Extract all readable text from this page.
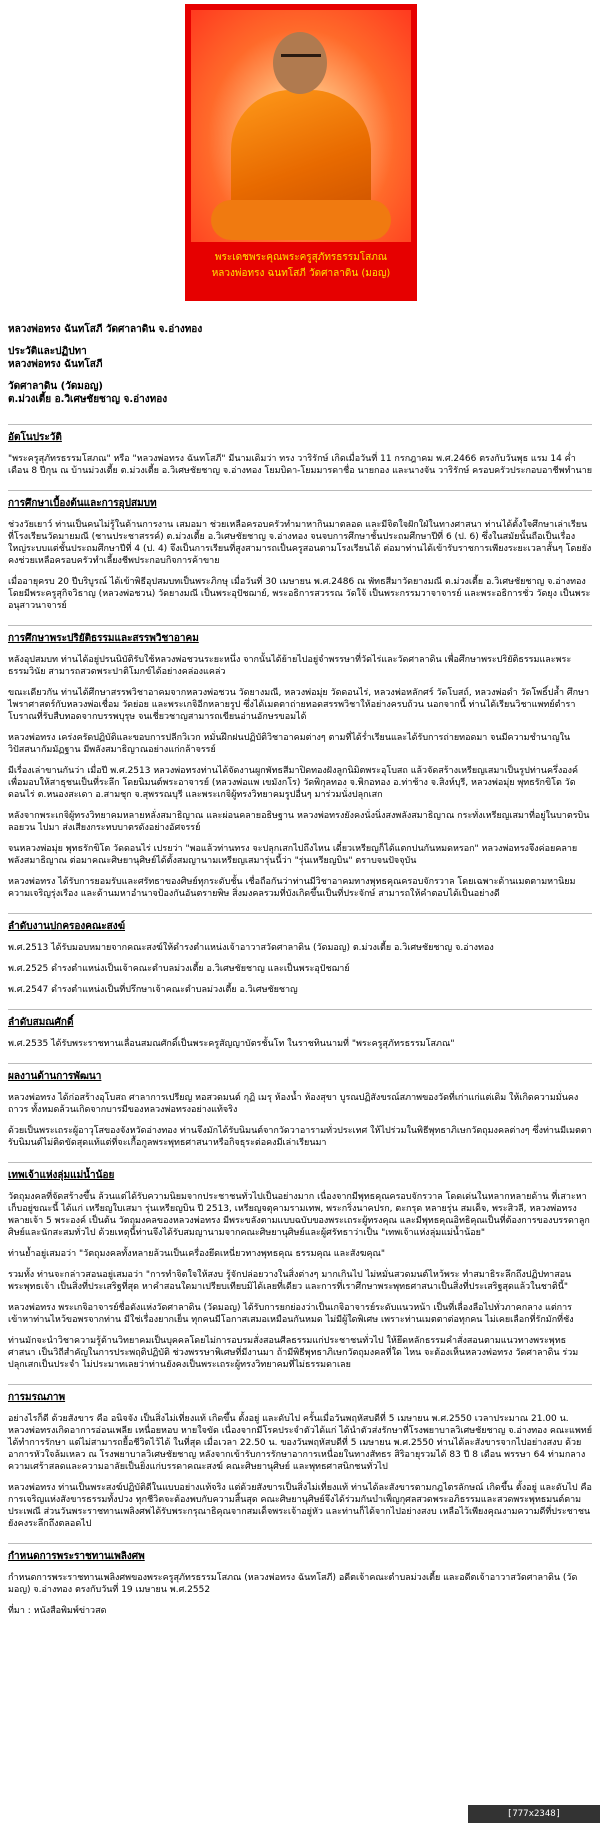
พระเดชพระคุณพระครูสุภัทรธรรมโสภณ
หลวงพ่อทรง ฉนทโสภี วัดศาลาดิน (มอญ)

หลวงพ่อทรง ฉันทโสภี วัดศาลาดิน จ.อ่างทอง

ประวัติและปฏิปทา

หลวงพ่อทรง ฉันทโสภี

วัดศาลาดิน (วัดมอญ)

ต.ม่วงเตี้ย อ.วิเศษชัยชาญ จ.อ่างทอง

อัตโนประวัติ

"พระครูสุภัทรธรรมโสภณ" หรือ "หลวงพ่อทรง ฉันทโสภี" มีนามเดิมว่า ทรง วาริรักษ์ เกิดเมื่อวันที่ 11 กรกฎาคม พ.ศ.2466 ตรงกับวันพุธ แรม 14 ค่ำ เดือน 8 ปีกุน ณ บ้านม่วงเตี้ย ต.ม่วงเตี้ย อ.วิเศษชัยชาญ จ.อ่างทอง โยมบิดา-โยมมารดาชื่อ นายกอง และนางจัน วาริรักษ์ ครอบครัวประกอบอาชีพทำนาย

การศึกษาเบื้องต้นและการอุปสมบท

ช่วงวัยเยาว์ ท่านเป็นคนไม่รู้ในด้านการงาน เสมอมา ช่วยเหลือครอบครัวทำมาหากินมาตลอด และมีจิตใจฝักใฝ่ในทางศาสนา ท่านได้ตั้งใจศึกษาเล่าเรียนที่โรงเรียนวัดมายมณี (ชานประชาสรรค์) ต.ม่วงเตี้ย อ.วิเศษชัยชาญ จ.อ่างทอง จนจบการศึกษาชั้นประถมศึกษาปีที่ 6 (ป. 6) ซึ่งในสมัยนั้นถือเป็นเรื่องใหญ่ระบบแต่ชั้นประถมศึกษาปีที่ 4 (ป. 4) จึงเป็นการเรียนที่สูงสามารถเป็นครูสอนตามโรงเรียนได้ ต่อมาท่านได้เข้ารับราชการเพียงระยะเวลาสั้นๆ โดยยังคงช่วยเหลือครอบครัวทำเลี้ยงชีพประกอบกิจการค้าขาย

เมื่ออายุครบ 20 ปีบริบูรณ์ ได้เข้าพิธีอุปสมบทเป็นพระภิกษุ เมื่อวันที่ 30 เมษายน พ.ศ.2486 ณ พัทธสีมาวัดยางมณี ต.ม่วงเตี้ย อ.วิเศษชัยชาญ จ.อ่างทอง โดยมีพระครูสุกิจวิธาญ (หลวงพ่อชวน) วัดยางมณี เป็นพระอุปัชฌาย์, พระอธิการสวรรณ วัดใจ้ เป็นพระกรรมวาจาจารย์ และพระอธิการชั่ว วัดยุง เป็นพระอนุสาวนาจารย์

การศึกษาพระปริยัติธรรมและสรรพวิชาอาคม

หลังอุปสมบท ท่านได้อยู่ปรนนิบัติรับใช้หลวงพ่อชวนระยะหนึ่ง จากนั้นได้ย้ายไปอยู่จำพรรษาที่วัดไร่และวัดศาลาดิน เพื่อศึกษาพระปริยัติธรรมและพระธรรมวินัย สามารถสวดพระปาติโมกข์ได้อย่างคล่องแคล่ว

ขณะเดียวกัน ท่านได้ศึกษาสรรพวิชาอาคมจากหลวงพ่อชวน วัดยางมณี, หลวงพ่อมุ่ย วัดดอนไร่, หลวงพ่อหลักศร์ วัดโบสถ์, หลวงพ่อดำ วัดโพธิ์ปล้ำ ศึกษาไพราศาสตร์กับหลวงพ่อเชื่อม วัดย่อย และพระเกจิอีกหลายรูป ซึ่งได้เมตตาถ่ายทอดสรรพวิชาให้อย่างครบถ้วน นอกจากนี้ ท่านได้เรียนวิชาแพทย์ตำราโบราณที่รับสืบทอดจากบรรพบุรุษ จนเชี่ยวชาญสามารถเขียนอ่านอักษรขอมได้

หลวงพ่อทรง เคร่งครัดปฏิบัติและขอบการปลีกวิเวก หมั่นฝึกฝนปฏิบัติวิชาอาคมต่างๆ ตามที่ได้ร่ำเรียนและได้รับการถ่ายทอดมา จนมีความชำนาญในวิปัสสนากัมมัฏฐาน มีพลังสมาธิญาณอย่างแก่กล้าจรรย์

มีเรื่องเล่าขานกันว่า เมื่อปี พ.ศ.2513 หลวงพ่อทรงท่านได้จัดงานผูกพัทธสีมาปิดทองฝังลูกนิมิตพระอุโบสถ แล้วจัดสร้างเหรียญเสมาเป็นรูปท่านครึ่งองค์ เพื่อมอบให้สาธุชนเป็นที่ระลึก โดยนิมนต์พระอาจารย์ (หลวงพ่อแพ เขมังกโร) วัดพิกุลทอง จ.พิกอทอง อ.ท่าช้าง จ.สิงห์บุรี, หลวงพ่อมุ่ย พุทธรักขิโต วัดดอนไร่ ต.หนองสะเดา อ.สามชุก จ.สุพรรณบุรี และพระเกจิผู้ทรงวิทยาคมรูปอื่นๆ มาร่วมนั่งปลุกเสก

หลังจากพระเกจิผู้ทรงวิทยาคมหลายหลั่งสมาธิญาณ และผ่อนคลายอธิษฐาน หลวงพ่อทรงยังคงนั่งนิ่งสงพลังสมาธิญาณ กระทั่งเหรียญเสมาที่อยู่ในบาตรบินลอยวน ไปมา ส่งเสียงกระทบบาตรดังอย่างอัศจรรย์

จนหลวงพ่อมุ่ย พุทธรักขิโต วัดดอนไร่ เปรยว่า "พอแล้วท่านทรง จะปลุกเสกไปถึงไหน เดี๋ยวเหรียญก็ได้แตกปนกันหมดหรอก" หลวงพ่อทรงจึงค่อยคลายพลังสมาธิญาณ ต่อมาคณะศิษยานุศิษย์ได้ตั้งสมญานามเหรียญเสมารุ่นนี้ว่า "รุ่นเหรียญบิน" ตราบจนปัจจุบัน

หลวงพ่อทรง ได้รับการยอมรับและศรัทธาของศิษย์ทุกระดับชั้น เชื่อถือกันว่าท่านมีวิชาอาคมทางพุทธคุณครอบจักรวาล โดยเฉพาะด้านเมตตามหานิยม ความเจริญรุ่งเรือง และด้านมหาอำนาจป้องกันอันตรายพิษ สิ่งมงคลรวมที่บังเกิดขึ้นเป็นที่ประจักษ์ สามารถให้คำตอบได้เป็นอย่างดี

ลำดับงานปกครองคณะสงฆ์

พ.ศ.2513 ได้รับมอบหมายจากคณะสงฆ์ให้ดำรงตำแหน่งเจ้าอาวาสวัดศาลาดิน (วัดมอญ) ต.ม่วงเตี้ย อ.วิเศษชัยชาญ จ.อ่างทอง

พ.ศ.2525 ดำรงตำแหน่งเป็นเจ้าคณะตำบลม่วงเตี้ย อ.วิเศษชัยชาญ และเป็นพระอุปัชฌาย์

พ.ศ.2547 ดำรงตำแหน่งเป็นที่ปรึกษาเจ้าคณะตำบลม่วงเตี้ย อ.วิเศษชัยชาญ

ลำดับสมณศักดิ์

พ.ศ.2535 ได้รับพระราชทานเลื่อนสมณศักดิ์เป็นพระครูสัญญาบัตรชั้นโท ในราชทินนามที่ "พระครูสุภัทรธรรมโสภณ"

ผลงานด้านการพัฒนา

หลวงพ่อทรง ได้ก่อสร้างอุโบสถ ศาลาการเปรียญ หอสวดมนต์ กุฏิ เมรุ ห้องน้ำ ห้องสุขา บูรณปฏิสังขรณ์สภาพของวัดที่เก่าแก่แต่เดิม ให้เกิดความมั่นคงถาวร ทั้งหมดล้วนเกิดจากบารมีของหลวงพ่อทรงอย่างแท้จริง

ด้วยเป็นพระเถระผู้อาวุโสของจังหวัดอ่างทอง ท่านจึงมักได้รับนิมนต์จากวัดวาอารามทั่วประเทศ ให้ไปร่วมในพิธีพุทธาภิเษกวัตถุมงคลต่างๆ ซึ่งท่านมีเมตตารับนิมนต์ไม่ติดขัดสุดแท้แต่ที่จะเกื้อกูลพระพุทธศาสนาหรือกิจธุระต่อคงมีเล่าเรียนมา

เทพเจ้าแห่งลุ่มแม่น้ำน้อย

วัตถุมงคลที่จัดสร้างขึ้น ล้วนแต่ได้รับความนิยมจากประชาชนทั่วไปเป็นอย่างมาก เนื่องจากมีพุทธคุณครอบจักรวาล โดดเด่นในหลากหลายด้าน ที่เสาะหาเก็บอยู่ขณะนี้ ได้แก่ เหรียญใบเสมา รุ่นเหรียญบิน ปี 2513, เหรียญจตุคามรามเทพ, พระกริ่งนาคปรก, ตะกรุด หลายรุ่น สมเด็จ, พระสิวลี, หลวงพ่อทรงพลายเจ้า 5 พระองค์ เป็นต้น วัตถุมงคลของหลวงพ่อทรง มีพระขลังตามแบบฉบับของพระเถระผู้ทรงคุณ และมีพุทธคุณอิทธิคุณเป็นที่ต้องการของบรรดาลูกศิษย์และนักสะสมทั่วไป ด้วยเหตุนี้ท่านจึงได้รับสมญานามจากคณะศิษยานุศิษย์และผู้ศรัทธาว่าเป็น "เทพเจ้าแห่งลุ่มแม่น้ำน้อย"

ท่านย้ำอยู่เสมอว่า "วัตถุมงคลทั้งหลายล้วนเป็นเครื่องยึดเหนี่ยวทางพุทธคุณ ธรรมคุณ และสังฆคุณ"

รวมทั้ง ท่านจะกล่าวสอนอยู่เสมอว่า "การทำจิตใจให้สงบ รู้จักปล่อยวางในสิ่งต่างๆ มากเกินไป ไม่หมั่นสวดมนต์ไหว้พระ ทำสมาธิระลึกถึงปฏิปทาสอนพระพุทธเจ้า เป็นสิ่งที่ประเสริฐที่สุด หาคำสอนใดมาเปรียบเทียบมิได้เลยที่เดียว และการที่เราศึกษาพระพุทธศาสนาเป็นสิ่งที่ประเสริฐสุดแล้วในชาตินี้"

หลวงพ่อทรง พระเกจิอาจารย์ชื่อดังแห่งวัดศาลาดิน (วัดมอญ) ได้รับการยกย่องว่าเป็นเกจิอาจารย์ระดับแนวหน้า เป็นที่เลื่องลือไปทั่วภาคกลาง แต่การเข้าหาท่านไหว้ขอพรจากท่าน มีใช่เรื่องยากเย็น ทุกคนมีโอกาสเสมอเหมือนกันหมด ไม่มีผู้ใดพิเศษ เพราะท่านเมตตาต่อทุกคน ไม่เคยเลือกที่รักมักที่ชัง

ท่านมักจะนำวิชาความรู้ด้านวิทยาคมเป็นบุคคลโดยไม่การอบรมสั่งสอนศีลธรรมแก่ประชาชนทั่วไป ให้ยึดหลักธรรมคำสั่งสอนตามแนวทางพระพุทธศาสนา เป็นวิถีสำคัญในการประพฤติปฏิบัติ ช่วงพรรษาพิเศษที่มีงานมา ถ้ามีพิธีพุทธาภิเษกวัตถุมงคลที่ใด ไหน จะต้องเห็นหลวงพ่อทรง วัดศาลาดิน ร่วมปลุกเสกเป็นประจำ ไม่ประมาทเลยว่าท่านยังคงเป็นพระเถระผู้ทรงวิทยาคมที่ไม่ธรรมดาเลย

การมรณภาพ

อย่างไรก็ดี ด้วยสังขาร คือ อนิจจัง เป็นสิ่งไม่เที่ยงแท้ เกิดขึ้น ตั้งอยู่ และดับไป ครั้นเมื่อวันพฤหัสบดีที่ 5 เมษายน พ.ศ.2550 เวลาประมาณ 21.00 น. หลวงพ่อทรงเกิดอาการอ่อนเพลีย เหนื่อยหอบ หายใจขัด เนื่องจากมีโรคประจำตัวได้แก่ ได้นำตัวส่งรักษาที่โรงพยาบาลวิเศษชัยชาญ จ.อ่างทอง คณะแพทย์ได้ทำการรักษา แต่ไม่สามารถยื้อชีวิตไว้ได้ ในที่สุด เมื่อเวลา 22.50 น. ของวันพฤหัสบดีที่ 5 เมษายน พ.ศ.2550 ท่านได้ละสังขารจากไปอย่างสงบ ด้วยอาการหัวใจล้มเหลว ณ โรงพยาบาลวิเศษชัยชาญ หลังจากเข้ารับการรักษาอาการเหนื่อยในทางสัทธร สิริอายุรวมได้ 83 ปี 8 เดือน พรรษา 64 ท่ามกลางความเศร้าสลดและความอาลัยเป็นยิ่งแก่บรรดาคณะสงฆ์ คณะศิษยานุศิษย์ และพุทธศาสนิกชนทั่วไป

หลวงพ่อทรง ท่านเป็นพระสงฆ์ปฏิบัติดีในแบบอย่างแท้จริง แต่ด้วยสังขารเป็นสิ่งไม่เที่ยงแท้ ท่านได้ละสังขารตามกฎไตรลักษณ์ เกิดขึ้น ตั้งอยู่ และดับไป คือการเจริญแห่งสังขารธรรมทั้งปวง ทุกชีวิตจะต้องพบกับความสิ้นสุด คณะศิษยานุศิษย์จึงได้ร่วมกันบำเพ็ญกุศลสวดพระอภิธรรมและสวดพระพุทธมนต์ตามประเพณี ส่วนวันพระราชทานเพลิงศพได้รับพระกรุณาธิคุณจากสมเด็จพระเจ้าอยู่หัว และท่านก็ได้จากไปอย่างสงบ เหลือไว้เพียงคุณงามความดีที่ประชาชนยังคงระลึกถึงตลอดไป

กำหนดการพระราชทานเพลิงศพ

กำหนดการพระราชทานเพลิงศพของพระครูสุภัทรธรรมโสภณ (หลวงพ่อทรง ฉันทโสภี) อดีตเจ้าคณะตำบลม่วงเตี้ย และอดีตเจ้าอาวาสวัดศาลาดิน (วัดมอญ) จ.อ่างทอง ตรงกับวันที่ 19 เมษายน พ.ศ.2552

ที่มา : หนังสือพิมพ์ข่าวสด

[777x2348] http://upic.me/
